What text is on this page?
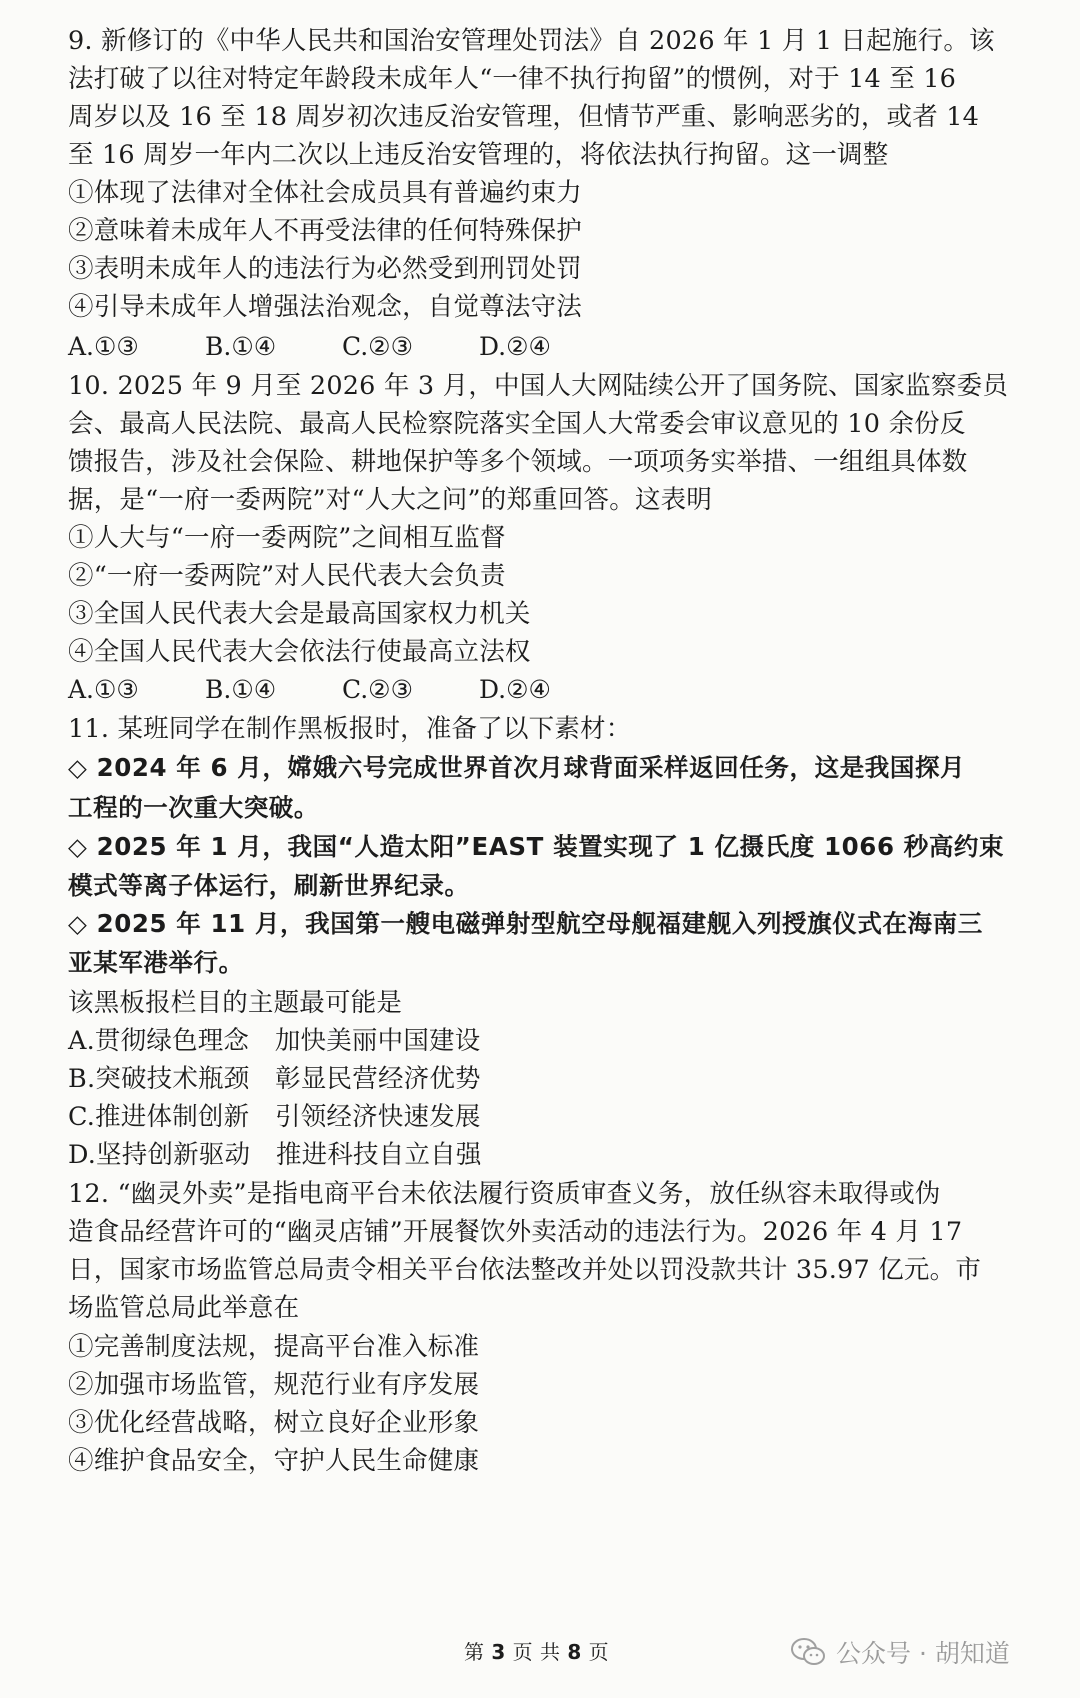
9. 新修订的《中华人民共和国治安管理处罚法》自 2026 年 1 月 1 日起施行。该
法打破了以往对特定年龄段未成年人“一律不执行拘留”的惯例，对于 14 至 16
周岁以及 16 至 18 周岁初次违反治安管理，但情节严重、影响恶劣的，或者 14
至 16 周岁一年内二次以上违反治安管理的，将依法执行拘留。这一调整
①体现了法律对全体社会成员具有普遍约束力
②意味着未成年人不再受法律的任何特殊保护
③表明未成年人的违法行为必然受到刑罚处罚
④引导未成年人增强法治观念，自觉尊法守法
A.①③	B.①④	C.②③	D.②④
10. 2025 年 9 月至 2026 年 3 月，中国人大网陆续公开了国务院、国家监察委员
会、最高人民法院、最高人民检察院落实全国人大常委会审议意见的 10 余份反
馈报告，涉及社会保险、耕地保护等多个领域。一项项务实举措、一组组具体数
据，是“一府一委两院”对“人大之问”的郑重回答。这表明
①人大与“一府一委两院”之间相互监督
②“一府一委两院”对人民代表大会负责
③全国人民代表大会是最高国家权力机关
④全国人民代表大会依法行使最高立法权
A.①③	B.①④	C.②③	D.②④
11. 某班同学在制作黑板报时，准备了以下素材：
◇ 2024 年 6 月，嫦娥六号完成世界首次月球背面采样返回任务，这是我国探月
工程的一次重大突破。
◇ 2025 年 1 月，我国“人造太阳”EAST 装置实现了 1 亿摄氏度 1066 秒高约束
模式等离子体运行，刷新世界纪录。
◇ 2025 年 11 月，我国第一艘电磁弹射型航空母舰福建舰入列授旗仪式在海南三
亚某军港举行。
该黑板报栏目的主题最可能是
A.贯彻绿色理念　加快美丽中国建设
B.突破技术瓶颈　彰显民营经济优势
C.推进体制创新　引领经济快速发展
D.坚持创新驱动　推进科技自立自强
12. “幽灵外卖”是指电商平台未依法履行资质审查义务，放任纵容未取得或伪
造食品经营许可的“幽灵店铺”开展餐饮外卖活动的违法行为。2026 年 4 月 17
日，国家市场监管总局责令相关平台依法整改并处以罚没款共计 35.97 亿元。市
场监管总局此举意在
①完善制度法规，提高平台准入标准
②加强市场监管，规范行业有序发展
③优化经营战略，树立良好企业形象
④维护食品安全，守护人民生命健康
第 3 页 共 8 页	公众号 · 胡知道
